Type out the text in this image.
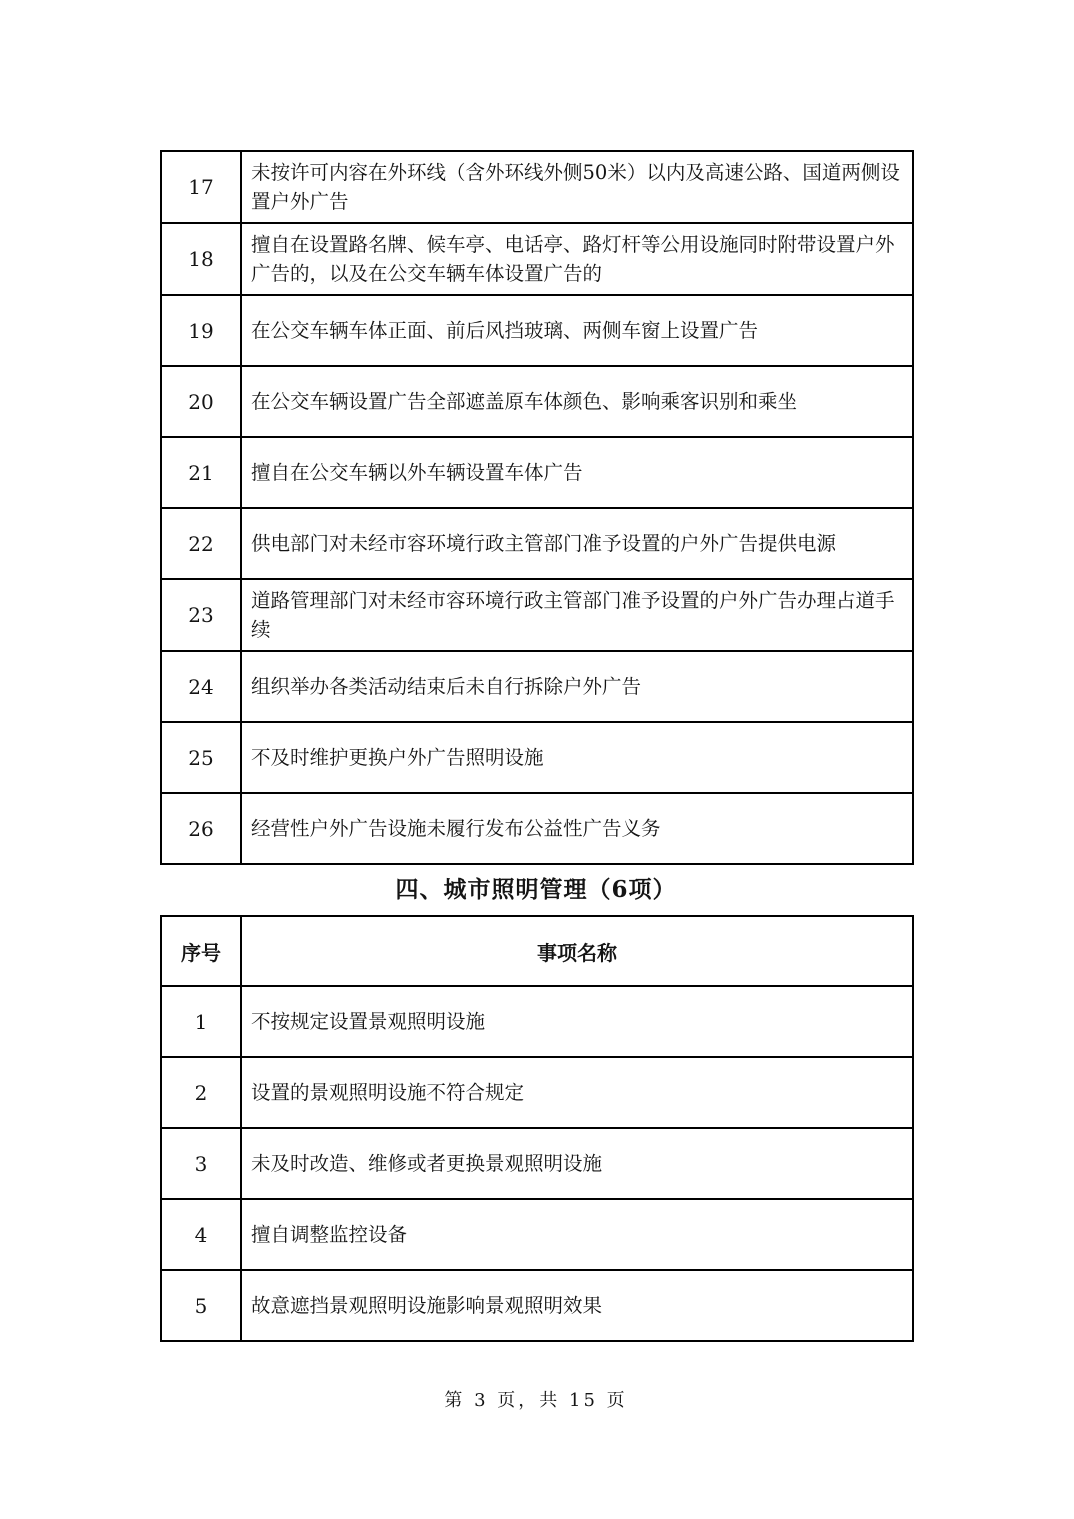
17	未按许可内容在外环线（含外环线外侧50米）以内及高速公路、国道两侧设置户外广告
18	擅自在设置路名牌、候车亭、电话亭、路灯杆等公用设施同时附带设置户外广告的，以及在公交车辆车体设置广告的
19	在公交车辆车体正面、前后风挡玻璃、两侧车窗上设置广告
20	在公交车辆设置广告全部遮盖原车体颜色、影响乘客识别和乘坐
21	擅自在公交车辆以外车辆设置车体广告
22	供电部门对未经市容环境行政主管部门准予设置的户外广告提供电源
23	道路管理部门对未经市容环境行政主管部门准予设置的户外广告办理占道手续
24	组织举办各类活动结束后未自行拆除户外广告
25	不及时维护更换户外广告照明设施
26	经营性户外广告设施未履行发布公益性广告义务
四、城市照明管理（6项）
序号	事项名称
1	不按规定设置景观照明设施
2	设置的景观照明设施不符合规定
3	未及时改造、维修或者更换景观照明设施
4	擅自调整监控设备
5	故意遮挡景观照明设施影响景观照明效果
第 3 页，共 15 页
